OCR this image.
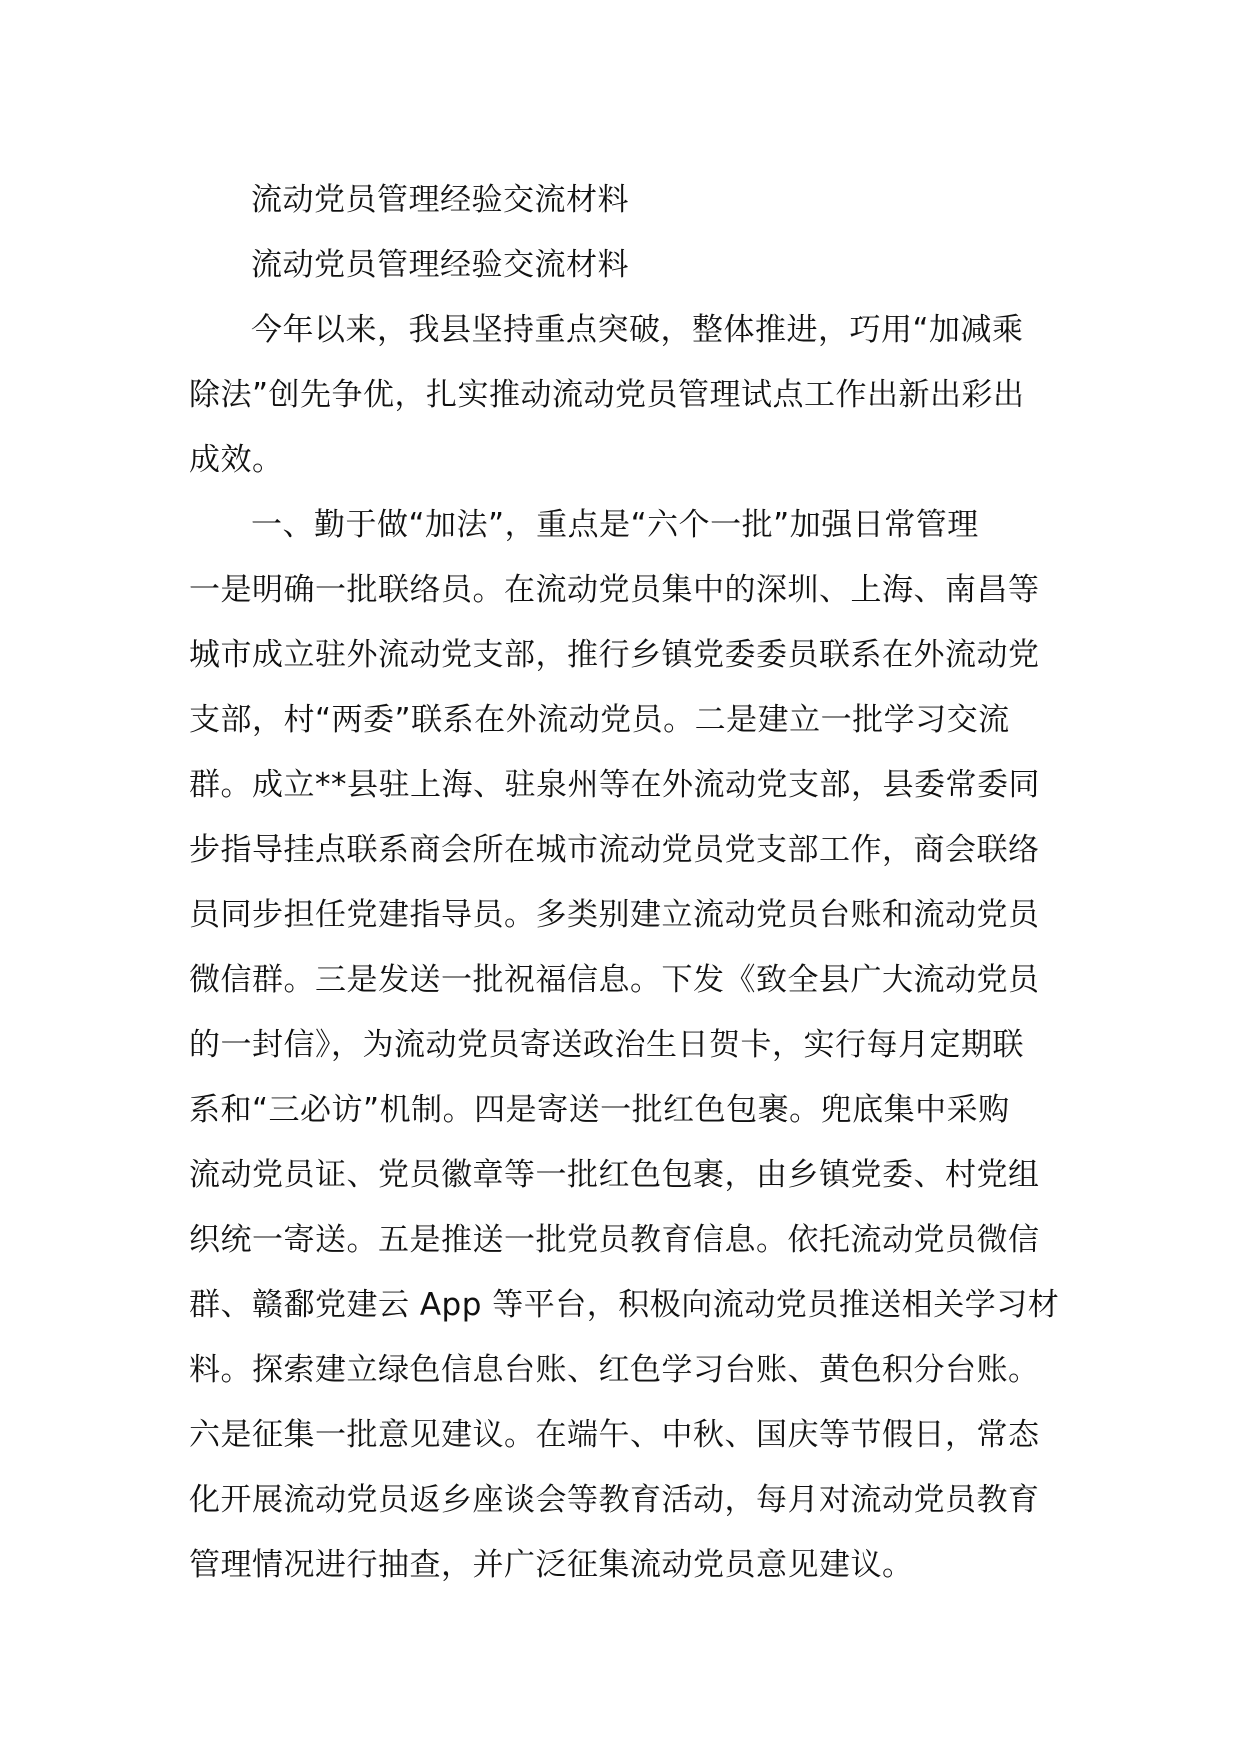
流动党员管理经验交流材料
流动党员管理经验交流材料
今年以来，我县坚持重点突破，整体推进，巧用“加减乘
除法”创先争优，扎实推动流动党员管理试点工作出新出彩出
成效。
一、勤于做“加法”，重点是“六个一批”加强日常管理
一是明确一批联络员。在流动党员集中的深圳、上海、南昌等
城市成立驻外流动党支部，推行乡镇党委委员联系在外流动党
支部，村“两委”联系在外流动党员。二是建立一批学习交流
群。成立**县驻上海、驻泉州等在外流动党支部，县委常委同
步指导挂点联系商会所在城市流动党员党支部工作，商会联络
员同步担任党建指导员。多类别建立流动党员台账和流动党员
微信群。三是发送一批祝福信息。下发《致全县广大流动党员
的一封信》，为流动党员寄送政治生日贺卡，实行每月定期联
系和“三必访”机制。四是寄送一批红色包裹。兜底集中采购
流动党员证、党员徽章等一批红色包裹，由乡镇党委、村党组
织统一寄送。五是推送一批党员教育信息。依托流动党员微信
群、赣鄱党建云 App 等平台，积极向流动党员推送相关学习材
料。探索建立绿色信息台账、红色学习台账、黄色积分台账。
六是征集一批意见建议。在端午、中秋、国庆等节假日，常态
化开展流动党员返乡座谈会等教育活动，每月对流动党员教育
管理情况进行抽查，并广泛征集流动党员意见建议。
